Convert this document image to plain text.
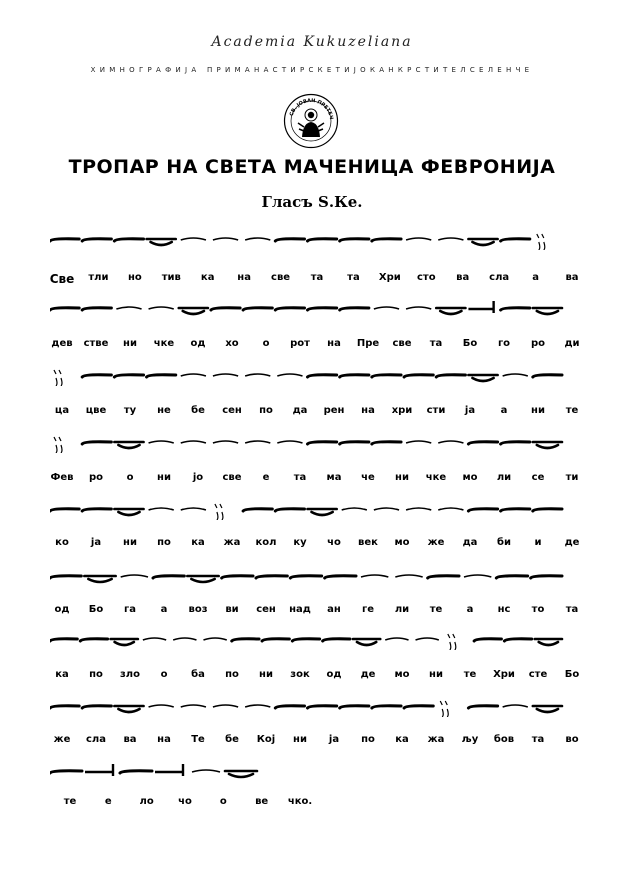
Academia Kukuzeliana
ХИМНОГРАФИЈА ПРИМАНАСТИРСКЕТИЈОКАНКРСТИТЕЛСЕЛЕНЧЕ
СВ. ЈОВАН ПРЕТЕЧ
ТРОПАР НА СВЕТА МАЧЕНИЦА ФЕВРОНИЈА
Гласъ Ѕ.Ке.
Све тли но тив ка на све та та Хри сто ва сла а	ва
дев стве ни чке од хо о рот на Пре све та Бо го ро ди
ца цве ту не бе сен по да рен на хри сти ја	а ни те
Фев ро о ни јо све е та ма че ни чке мо ли се ти
ко ја ни по ка жа кол ку чо век мо же да би и де
од Бо га а воз ви сен над ан ге ли те а нс то та
ка по зло о ба по ни зок од де мо ни те Хри сте Бо
же сла ва на Те бе Кој ни ја по ка жа љу бов та во
те	е	ло чо	о	ве чко.
